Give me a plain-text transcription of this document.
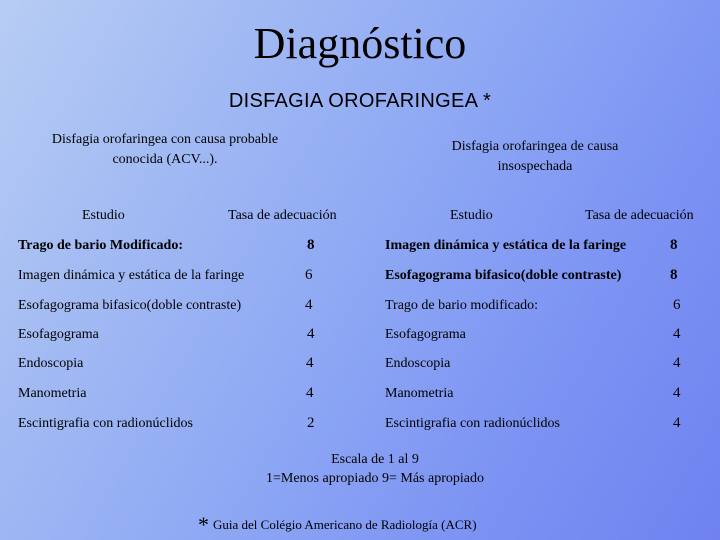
Diagnóstico
DISFAGIA OROFARINGEA *
Disfagia orofaringea con causa probable conocida (ACV...).
Disfagia orofaringea de causa insospechada
Estudio	Tasa de adecuación	Estudio	Tasa de adecuación
Trago de bario Modificado:	8
Imagen dinámica y estática de la faringe	6
Esofagograma bifasico(doble contraste)	4
Esofagograma	4
Endoscopia	4
Manometria	4
Escintigrafia con radionúclidos	2
Imagen dinámica y estática de la faringe	8
Esofagograma bifasico(doble contraste)	8
Trago de bario modificado:	6
Esofagograma	4
Endoscopia	4
Manometria	4
Escintigrafia con radionúclidos	4
Escala de 1 al 9
1=Menos apropiado 9= Más apropiado
* Guia del Colégio Americano de Radiología (ACR)
